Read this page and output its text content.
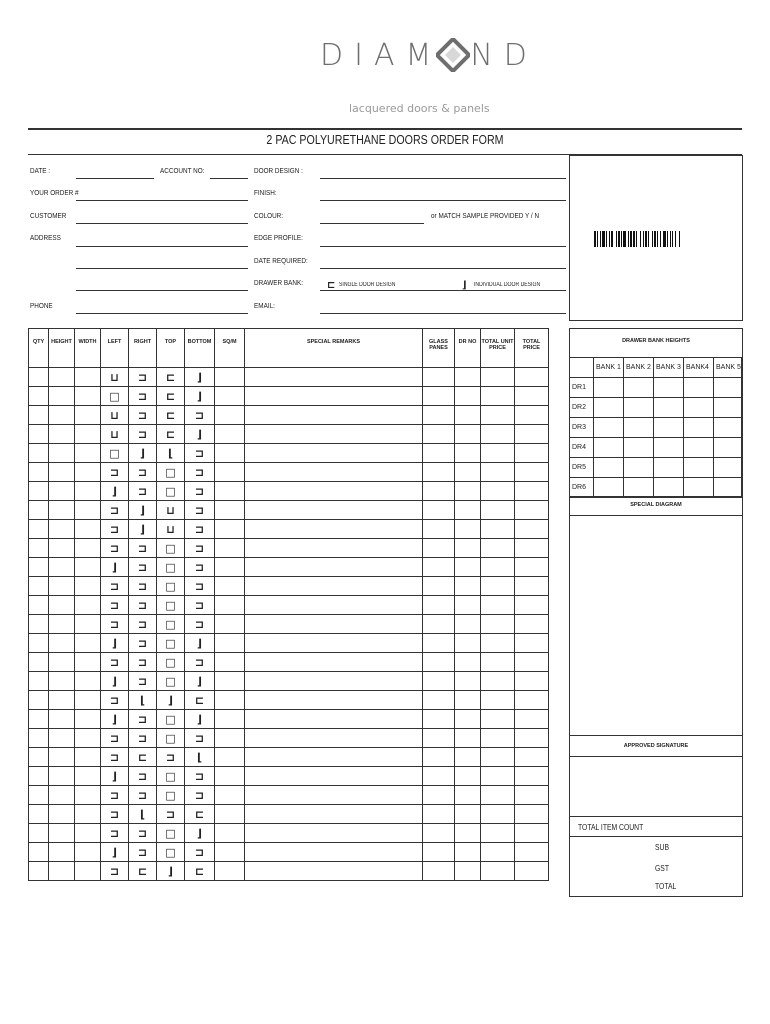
DIAM ND
lacquered doors & panels
2 PAC POLYURETHANE DOORS ORDER FORM
DATE :	ACCOUNT NO:
YOUR ORDER #
CUSTOMER
ADDRESS
PHONE
DOOR DESIGN :
FINISH:
COLOUR:	or MATCH SAMPLE PROVIDED Y / N
EDGE PROFILE:
DATE REQUIRED:
DRAWER BANK: ⊏ SINGLE DOOR DESIGN	⌋ INDIVIDUAL DOOR DESIGN
EMAIL:
QTY	HEIGHT	WIDTH	LEFT	RIGHT	TOP	BOTTOM	SQ/M	SPECIAL REMARKS	GLASS PANES	DR NO	TOTAL UNIT PRICE	TOTAL PRICE
			⊔	⊐	⊏	⌋						
			□	⊐	⊏	⌋						
			⊔	⊐	⊏	⊐						
			⊔	⊐	⊏	⌋						
			□	⌋	⌊	⊐						
			⊐	⊐	□	⊐						
			⌋	⊐	□	⊐						
			⊐	⌋	⊔	⊐						
			⊐	⌋	⊔	⊐						
			⊐	⊐	□	⊐						
			⌋	⊐	□	⊐						
			⊐	⊐	□	⊐						
			⊐	⊐	□	⊐						
			⊐	⊐	□	⊐						
			⌋	⊐	□	⌋						
			⊐	⊐	□	⊐						
			⌋	⊐	□	⌋						
			⊐	⌊	⌋	⊏						
			⌋	⊐	□	⌋						
			⊐	⊐	□	⊐						
			⊐	⊏	⊐	⌊						
			⌋	⊐	□	⊐						
			⊐	⊐	□	⊐						
			⊐	⌊	⊐	⊏						
			⊐	⊐	□	⌋						
			⌋	⊐	□	⊐						
			⊐	⊏	⌋	⊏						
DRAWER BANK HEIGHTS
BANK 1 BANK 2 BANK 3 BANK4	BANK 5
DR1
DR2
DR3
DR4
DR5
DR6
SPECIAL DIAGRAM
APPROVED SIGNATURE
TOTAL ITEM COUNT
SUB
GST
TOTAL
